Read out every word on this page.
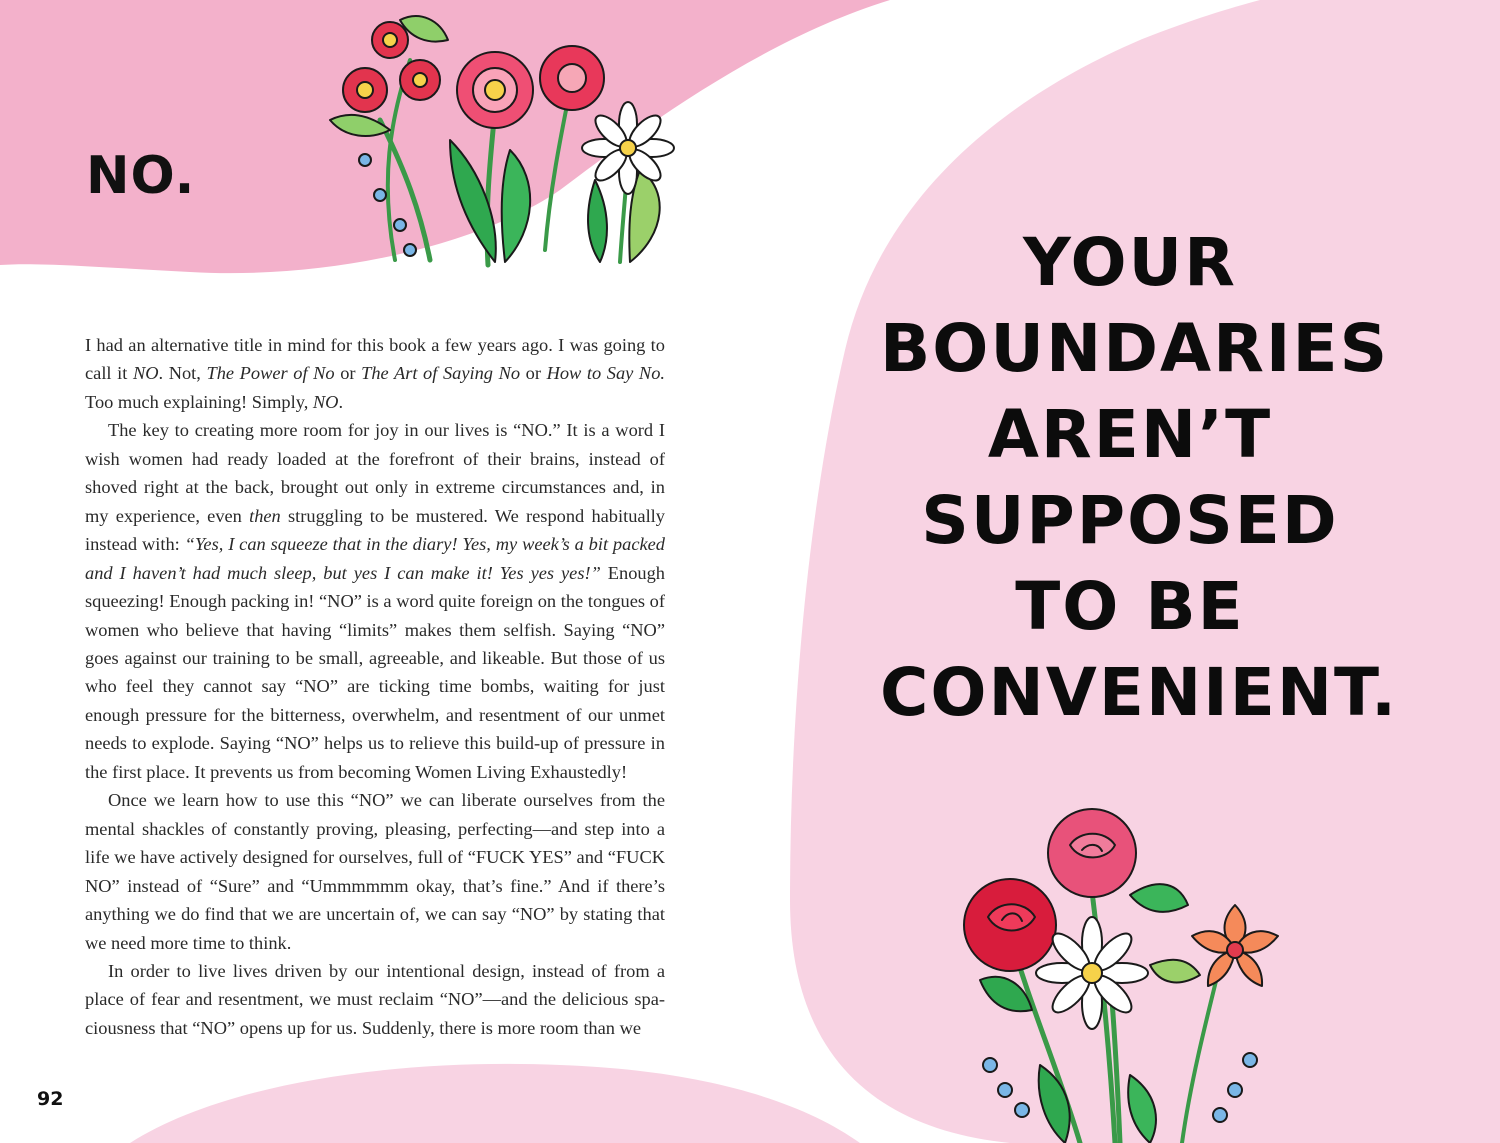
NO.

I had an alternative title in mind for this book a few years ago. I was going to call it NO. Not, The Power of No or The Art of Saying No or How to Say No. Too much explaining! Simply, NO.

The key to creating more room for joy in our lives is “NO.” It is a word I wish women had ready loaded at the forefront of their brains, instead of shoved right at the back, brought out only in extreme circumstances and, in my experience, even then struggling to be mustered. We respond habitually instead with: “Yes, I can squeeze that in the diary! Yes, my week’s a bit packed and I haven’t had much sleep, but yes I can make it! Yes yes yes!” Enough squeezing! Enough packing in! “NO” is a word quite foreign on the tongues of women who believe that having “limits” makes them selfish. Saying “NO” goes against our training to be small, agreeable, and likeable. But those of us who feel they cannot say “NO” are ticking time bombs, waiting for just enough pressure for the bitterness, overwhelm, and resentment of our unmet needs to explode. Saying “NO” helps us to relieve this build-up of pressure in the first place. It prevents us from becoming Women Living Exhaustedly!

Once we learn how to use this “NO” we can liberate ourselves from the mental shackles of constantly proving, pleasing, perfecting—and step into a life we have actively designed for ourselves, full of “FUCK YES” and “FUCK NO” instead of “Sure” and “Ummmmmm okay, that’s fine.” And if there’s anything we do find that we are uncertain of, we can say “NO” by stating that we need more time to think.

In order to live lives driven by our intentional design, instead of from a place of fear and resentment, we must reclaim “NO”—and the delicious spa-ciousness that “NO” opens up for us. Suddenly, there is more room than we

92
YOUR
BOUNDARIES
AREN’T
SUPPOSED
TO BE
CONVENIENT.
